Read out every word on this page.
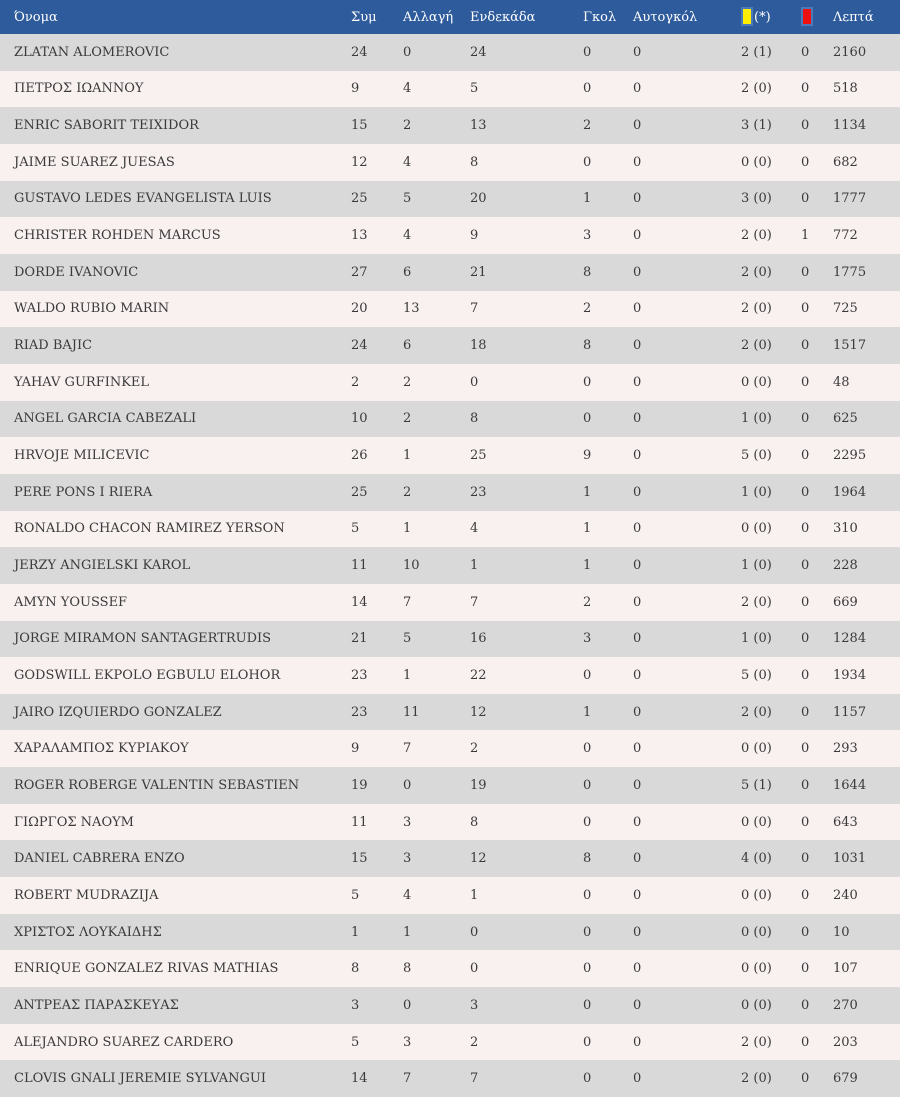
Όνομα	Συμ	Αλλαγή	Ενδεκάδα	Γκολ	Αυτογκόλ	(*)		Λεπτά
ZLATAN ALOMEROVIC	24	0	24	0	0	2 (1)	0	2160
ΠΕΤΡΟΣ ΙΩΑΝΝΟΥ	9	4	5	0	0	2 (0)	0	518
ENRIC SABORIT TEIXIDOR	15	2	13	2	0	3 (1)	0	1134
JAIME SUAREZ JUESAS	12	4	8	0	0	0 (0)	0	682
GUSTAVO LEDES EVANGELISTA LUIS	25	5	20	1	0	3 (0)	0	1777
CHRISTER ROHDEN MARCUS	13	4	9	3	0	2 (0)	1	772
DORDE IVANOVIC	27	6	21	8	0	2 (0)	0	1775
WALDO RUBIO MARIN	20	13	7	2	0	2 (0)	0	725
RIAD BAJIC	24	6	18	8	0	2 (0)	0	1517
YAHAV GURFINKEL	2	2	0	0	0	0 (0)	0	48
ANGEL GARCIA CABEZALI	10	2	8	0	0	1 (0)	0	625
HRVOJE MILICEVIC	26	1	25	9	0	5 (0)	0	2295
PERE PONS I RIERA	25	2	23	1	0	1 (0)	0	1964
RONALDO CHACON RAMIREZ YERSON	5	1	4	1	0	0 (0)	0	310
JERZY ANGIELSKI KAROL	11	10	1	1	0	1 (0)	0	228
AMYN YOUSSEF	14	7	7	2	0	2 (0)	0	669
JORGE MIRAMON SANTAGERTRUDIS	21	5	16	3	0	1 (0)	0	1284
GODSWILL EKPOLO EGBULU ELOHOR	23	1	22	0	0	5 (0)	0	1934
JAIRO IZQUIERDO GONZALEZ	23	11	12	1	0	2 (0)	0	1157
ΧΑΡΑΛΑΜΠΟΣ ΚΥΡΙΑΚΟΥ	9	7	2	0	0	0 (0)	0	293
ROGER ROBERGE VALENTIN SEBASTIEN	19	0	19	0	0	5 (1)	0	1644
ΓΙΩΡΓΟΣ ΝΑΟΥΜ	11	3	8	0	0	0 (0)	0	643
DANIEL CABRERA ENZO	15	3	12	8	0	4 (0)	0	1031
ROBERT MUDRAZIJA	5	4	1	0	0	0 (0)	0	240
ΧΡΙΣΤΟΣ ΛΟΥΚΑΙΔΗΣ	1	1	0	0	0	0 (0)	0	10
ENRIQUE GONZALEZ RIVAS MATHIAS	8	8	0	0	0	0 (0)	0	107
ΑΝΤΡΕΑΣ ΠΑΡΑΣΚΕΥΑΣ	3	0	3	0	0	0 (0)	0	270
ALEJANDRO SUAREZ CARDERO	5	3	2	0	0	2 (0)	0	203
CLOVIS GNALI JEREMIE SYLVANGUI	14	7	7	0	0	2 (0)	0	679
